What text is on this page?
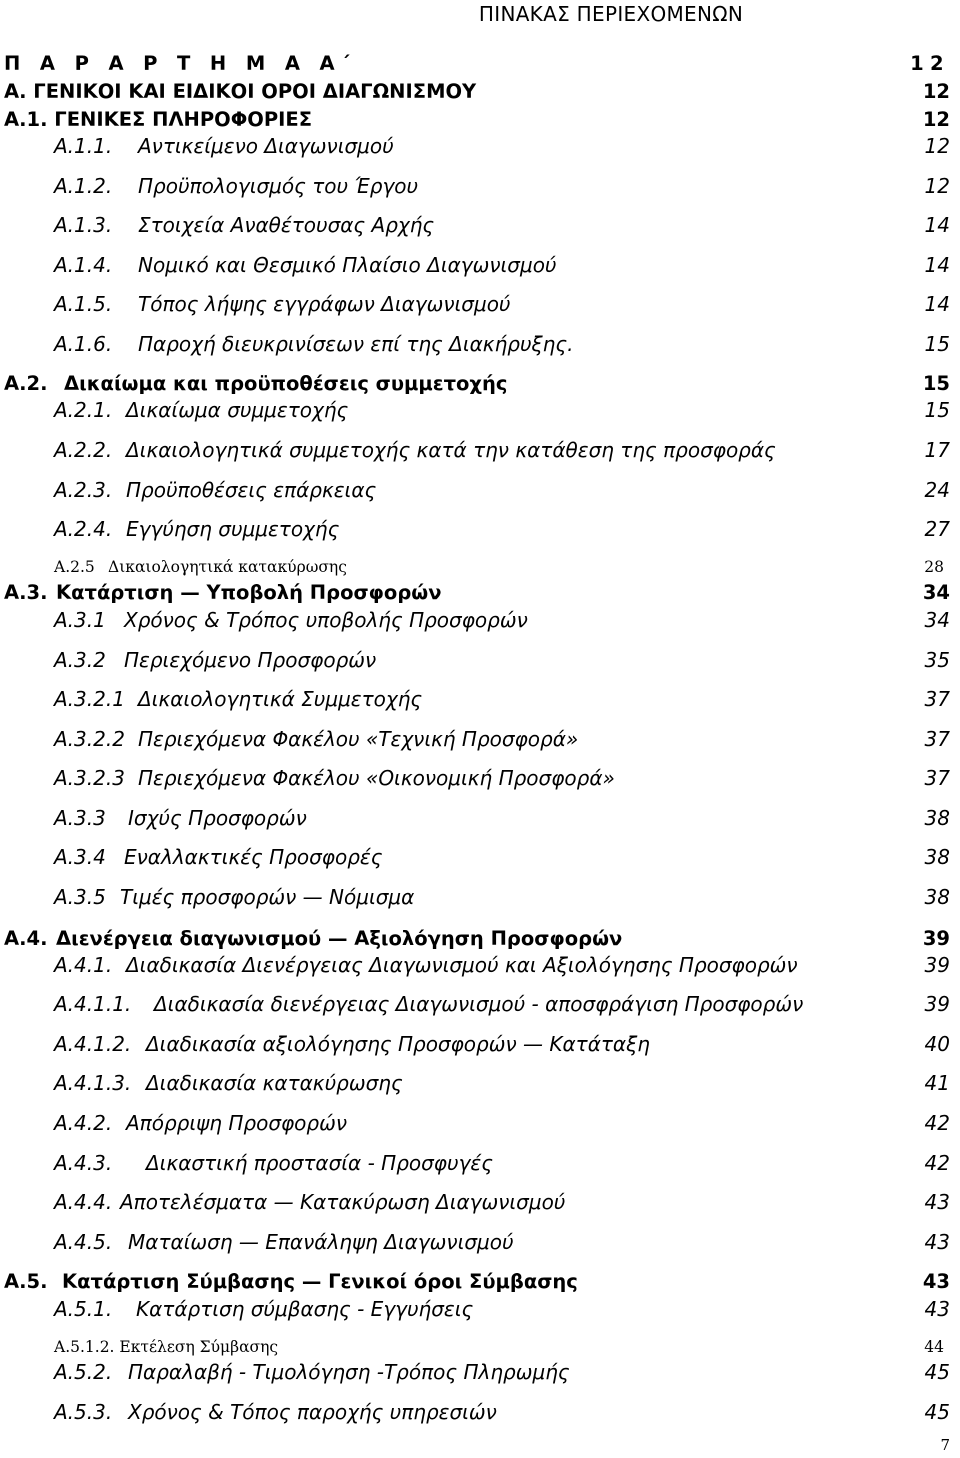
ΠΙΝΑΚΑΣ ΠΕΡΙΕΧΟΜΕΝΩΝ
Π Α Ρ Α Ρ Τ Η Μ Α Α΄	12
Α. ΓΕΝΙΚΟΙ ΚΑΙ ΕΙΔΙΚΟΙ ΟΡΟΙ ΔΙΑΓΩΝΙΣΜΟΥ	12
Α.1. ΓΕΝΙΚΕΣ ΠΛΗΡΟΦΟΡΙΕΣ	12
Α.1.1. Αντικείμενο Διαγωνισμού	12
Α.1.2. Προϋπολογισμός του Έργου	12
Α.1.3. Στοιχεία Αναθέτουσας Αρχής	14
Α.1.4. Νομικό και Θεσμικό Πλαίσιο Διαγωνισμού	14
Α.1.5. Τόπος λήψης εγγράφων Διαγωνισμού	14
Α.1.6. Παροχή διευκρινίσεων επί της Διακήρυξης.	15
Α.2. Δικαίωμα και προϋποθέσεις συμμετοχής	15
Α.2.1. Δικαίωμα συμμετοχής	15
Α.2.2. Δικαιολογητικά συμμετοχής κατά την κατάθεση της προσφοράς	17
Α.2.3. Προϋποθέσεις επάρκειας	24
Α.2.4. Εγγύηση συμμετοχής	27
Α.2.5 Δικαιολογητικά κατακύρωσης	28
Α.3. Κατάρτιση — Υποβολή Προσφορών	34
Α.3.1 Χρόνος & Τρόπος υποβολής Προσφορών	34
Α.3.2 Περιεχόμενο Προσφορών	35
Α.3.2.1 Δικαιολογητικά Συμμετοχής	37
Α.3.2.2 Περιεχόμενα Φακέλου «Τεχνική Προσφορά»	37
Α.3.2.3 Περιεχόμενα Φακέλου «Οικονομική Προσφορά»	37
Α.3.3 Ισχύς Προσφορών	38
Α.3.4 Εναλλακτικές Προσφορές	38
Α.3.5 Τιμές προσφορών — Νόμισμα	38
Α.4. Διενέργεια διαγωνισμού — Αξιολόγηση Προσφορών	39
Α.4.1. Διαδικασία Διενέργειας Διαγωνισμού και Αξιολόγησης Προσφορών	39
Α.4.1.1. Διαδικασία διενέργειας Διαγωνισμού - αποσφράγιση Προσφορών	39
Α.4.1.2. Διαδικασία αξιολόγησης Προσφορών — Κατάταξη	40
Α.4.1.3. Διαδικασία κατακύρωσης	41
Α.4.2. Απόρριψη Προσφορών	42
Α.4.3. Δικαστική προστασία - Προσφυγές	42
Α.4.4. Αποτελέσματα — Κατακύρωση Διαγωνισμού	43
Α.4.5. Ματαίωση — Επανάληψη Διαγωνισμού	43
Α.5. Κατάρτιση Σύμβασης — Γενικοί όροι Σύμβασης	43
Α.5.1. Κατάρτιση σύμβασης - Εγγυήσεις	43
Α.5.1.2. Εκτέλεση Σύμβασης	44
Α.5.2. Παραλαβή - Τιμολόγηση -Τρόπος Πληρωμής	45
Α.5.3. Χρόνος & Τόπος παροχής υπηρεσιών	45
7
